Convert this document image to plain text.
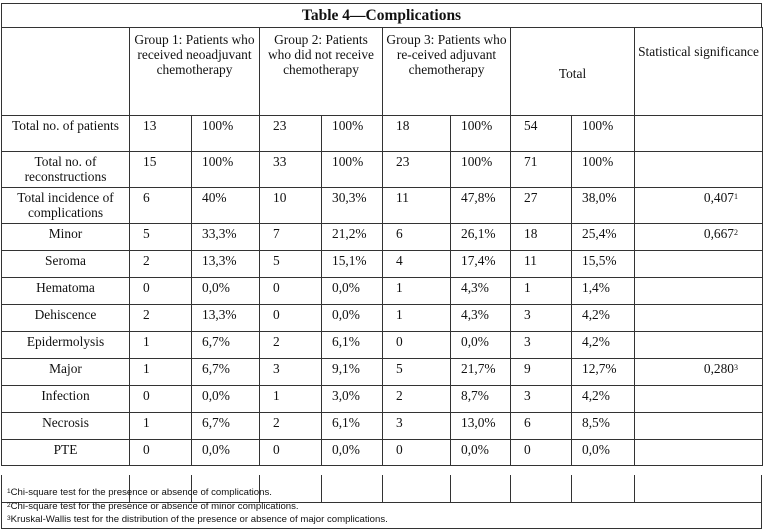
Table 4—Complications
	Group 1: Patients who received neoadjuvant chemotherapy		Group 2: Patients who did not receive chemotherapy		Group 3: Patients who re-ceived adjuvant chemotherapy		Total		Statistical significance
Total no. of patients	13	100%	23	100%	18	100%	54	100%	
Total no. of reconstructions	15	100%	33	100%	23	100%	71	100%	
Total incidence of complications	6	40%	10	30,3%	11	47,8%	27	38,0%	0,407$^1$
Minor	5	33,3%	7	21,2%	6	26,1%	18	25,4%	0,667$^2$
Seroma	2	13,3%	5	15,1%	4	17,4%	11	15,5%	
Hematoma	0	0,0%	0	0,0%	1	4,3%	1	1,4%	
Dehiscence	2	13,3%	0	0,0%	1	4,3%	3	4,2%	
Epidermolysis	1	6,7%	2	6,1%	0	0,0%	3	4,2%	
Major	1	6,7%	3	9,1%	5	21,7%	9	12,7%	0,280$^3$
Infection	0	0,0%	1	3,0%	2	8,7%	3	4,2%	
Necrosis	1	6,7%	2	6,1%	3	13,0%	6	8,5%	
PTE	0	0,0%	0	0,0%	0	0,0%	0	0,0%	
$^1$Chi-square test for the presence or absence of complications.
$^2$Chi-square test for the presence or absence of minor complications.
$^3$Kruskal-Wallis test for the distribution of the presence or absence of major complications.
